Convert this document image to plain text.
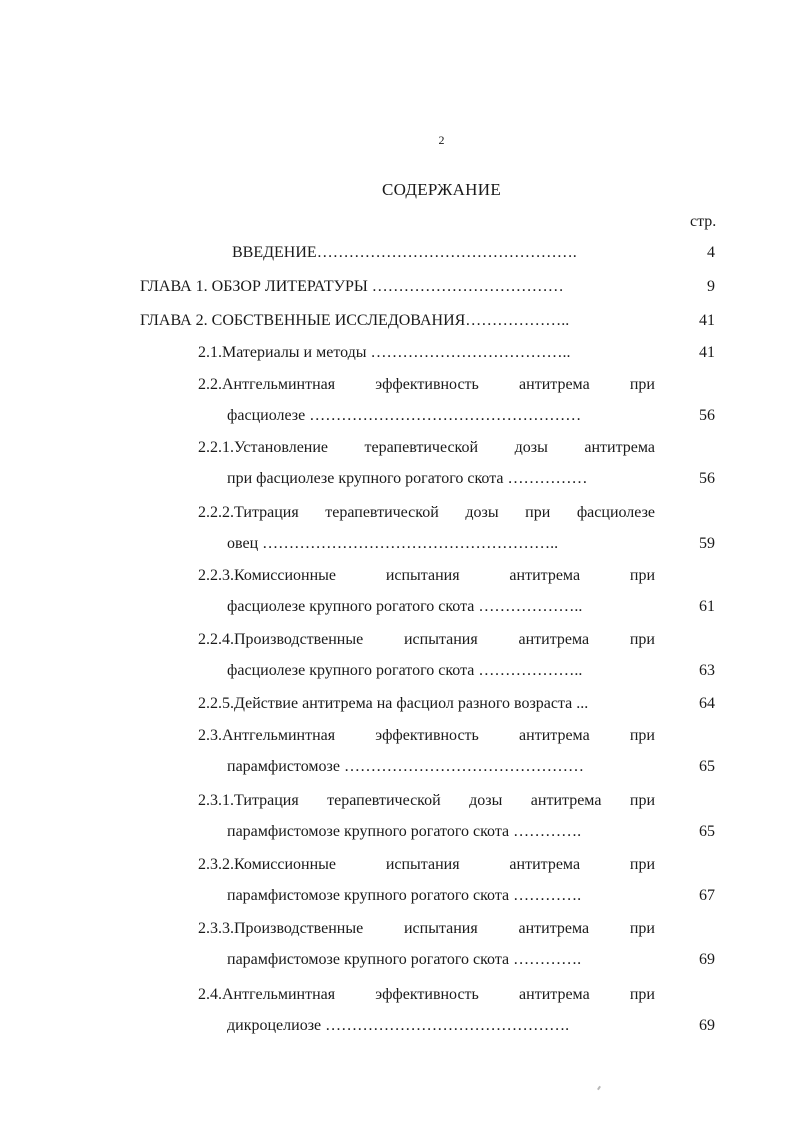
2
СОДЕРЖАНИЕ
стр.
ВВЕДЕНИЕ………………………………………….	4
ГЛАВА 1. ОБЗОР ЛИТЕРАТУРЫ ………………………………	9
ГЛАВА 2. СОБСТВЕННЫЕ ИССЛЕДОВАНИЯ………………..	41
2.1.Материалы и методы ………………………………..	41
2.2.Антгельминтная эффективность антитрема при
фасциолезе ……………………………………………	56
2.2.1.Установление терапевтической дозы антитрема
при фасциолезе крупного рогатого скота ……………	56
2.2.2.Титрация терапевтической дозы при фасциолезе
овец ………………………………………………..	59
2.2.3.Комиссионные испытания антитрема при
фасциолезе крупного рогатого скота ………………..	61
2.2.4.Производственные испытания антитрема при
фасциолезе крупного рогатого скота ………………..	63
2.2.5.Действие антитрема на фасциол разного возраста ...	64
2.3.Антгельминтная эффективность антитрема при
парамфистомозе ………………………………………	65
2.3.1.Титрация терапевтической дозы антитрема при
парамфистомозе крупного рогатого скота ………….	65
2.3.2.Комиссионные испытания антитрема при
парамфистомозе крупного рогатого скота ………….	67
2.3.3.Производственные испытания антитрема при
парамфистомозе крупного рогатого скота ………….	69
2.4.Антгельминтная эффективность антитрема при
дикроцелиозе ……………………………………….	69
